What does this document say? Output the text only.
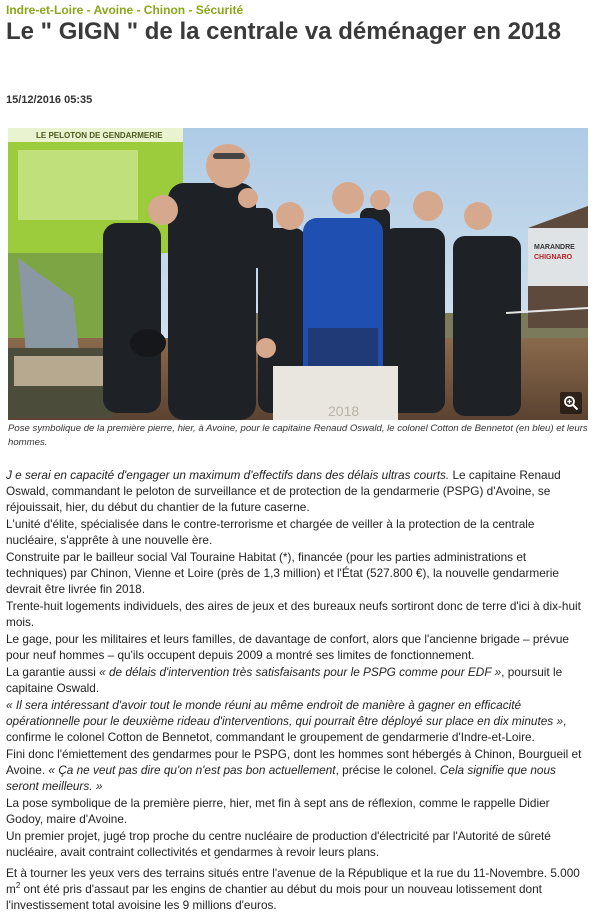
Indre-et-Loire - Avoine - Chinon - Sécurité
Le " GIGN " de la centrale va déménager en 2018
15/12/2016 05:35
LE PELOTON DE GENDARMERIE
MARANDRE
CHIGNARO
2018
Pose symbolique de la première pierre, hier, à Avoine, pour le capitaine Renaud Oswald, le colonel Cotton de Bennetot (en bleu) et leurs hommes.

J e serai en capacité d'engager un maximum d'effectifs dans des délais ultras courts. Le capitaine Renaud Oswald, commandant le peloton de surveillance et de protection de la gendarmerie (PSPG) d'Avoine, se réjouissait, hier, du début du chantier de la future caserne.

L'unité d'élite, spécialisée dans le contre-terrorisme et chargée de veiller à la protection de la centrale nucléaire, s'apprête à une nouvelle ère.

Construite par le bailleur social Val Touraine Habitat (*), financée (pour les parties administrations et techniques) par Chinon, Vienne et Loire (près de 1,3 million) et l'État (527.800 €), la nouvelle gendarmerie devrait être livrée fin 2018.

Trente-huit logements individuels, des aires de jeux et des bureaux neufs sortiront donc de terre d'ici à dix-huit mois.

Le gage, pour les militaires et leurs familles, de davantage de confort, alors que l'ancienne brigade – prévue pour neuf hommes – qu'ils occupent depuis 2009 a montré ses limites de fonctionnement.

La garantie aussi « de délais d'intervention très satisfaisants pour le PSPG comme pour EDF », poursuit le capitaine Oswald.

« Il sera intéressant d'avoir tout le monde réuni au même endroit de manière à gagner en efficacité opérationnelle pour le deuxième rideau d'interventions, qui pourrait être déployé sur place en dix minutes », confirme le colonel Cotton de Bennetot, commandant le groupement de gendarmerie d'Indre-et-Loire.

Fini donc l'émiettement des gendarmes pour le PSPG, dont les hommes sont hébergés à Chinon, Bourgueil et Avoine. « Ça ne veut pas dire qu'on n'est pas bon actuellement, précise le colonel. Cela signifie que nous seront meilleurs. »

La pose symbolique de la première pierre, hier, met fin à sept ans de réflexion, comme le rappelle Didier Godoy, maire d'Avoine.

Un premier projet, jugé trop proche du centre nucléaire de production d'électricité par l'Autorité de sûreté nucléaire, avait contraint collectivités et gendarmes à revoir leurs plans.

Et à tourner les yeux vers des terrains situés entre l'avenue de la République et la rue du 11-Novembre. 5.000 $m^2$ ont été pris d'assaut par les engins de chantier au début du mois pour un nouveau lotissement dont l'investissement total avoisine les 9 millions d'euros.
